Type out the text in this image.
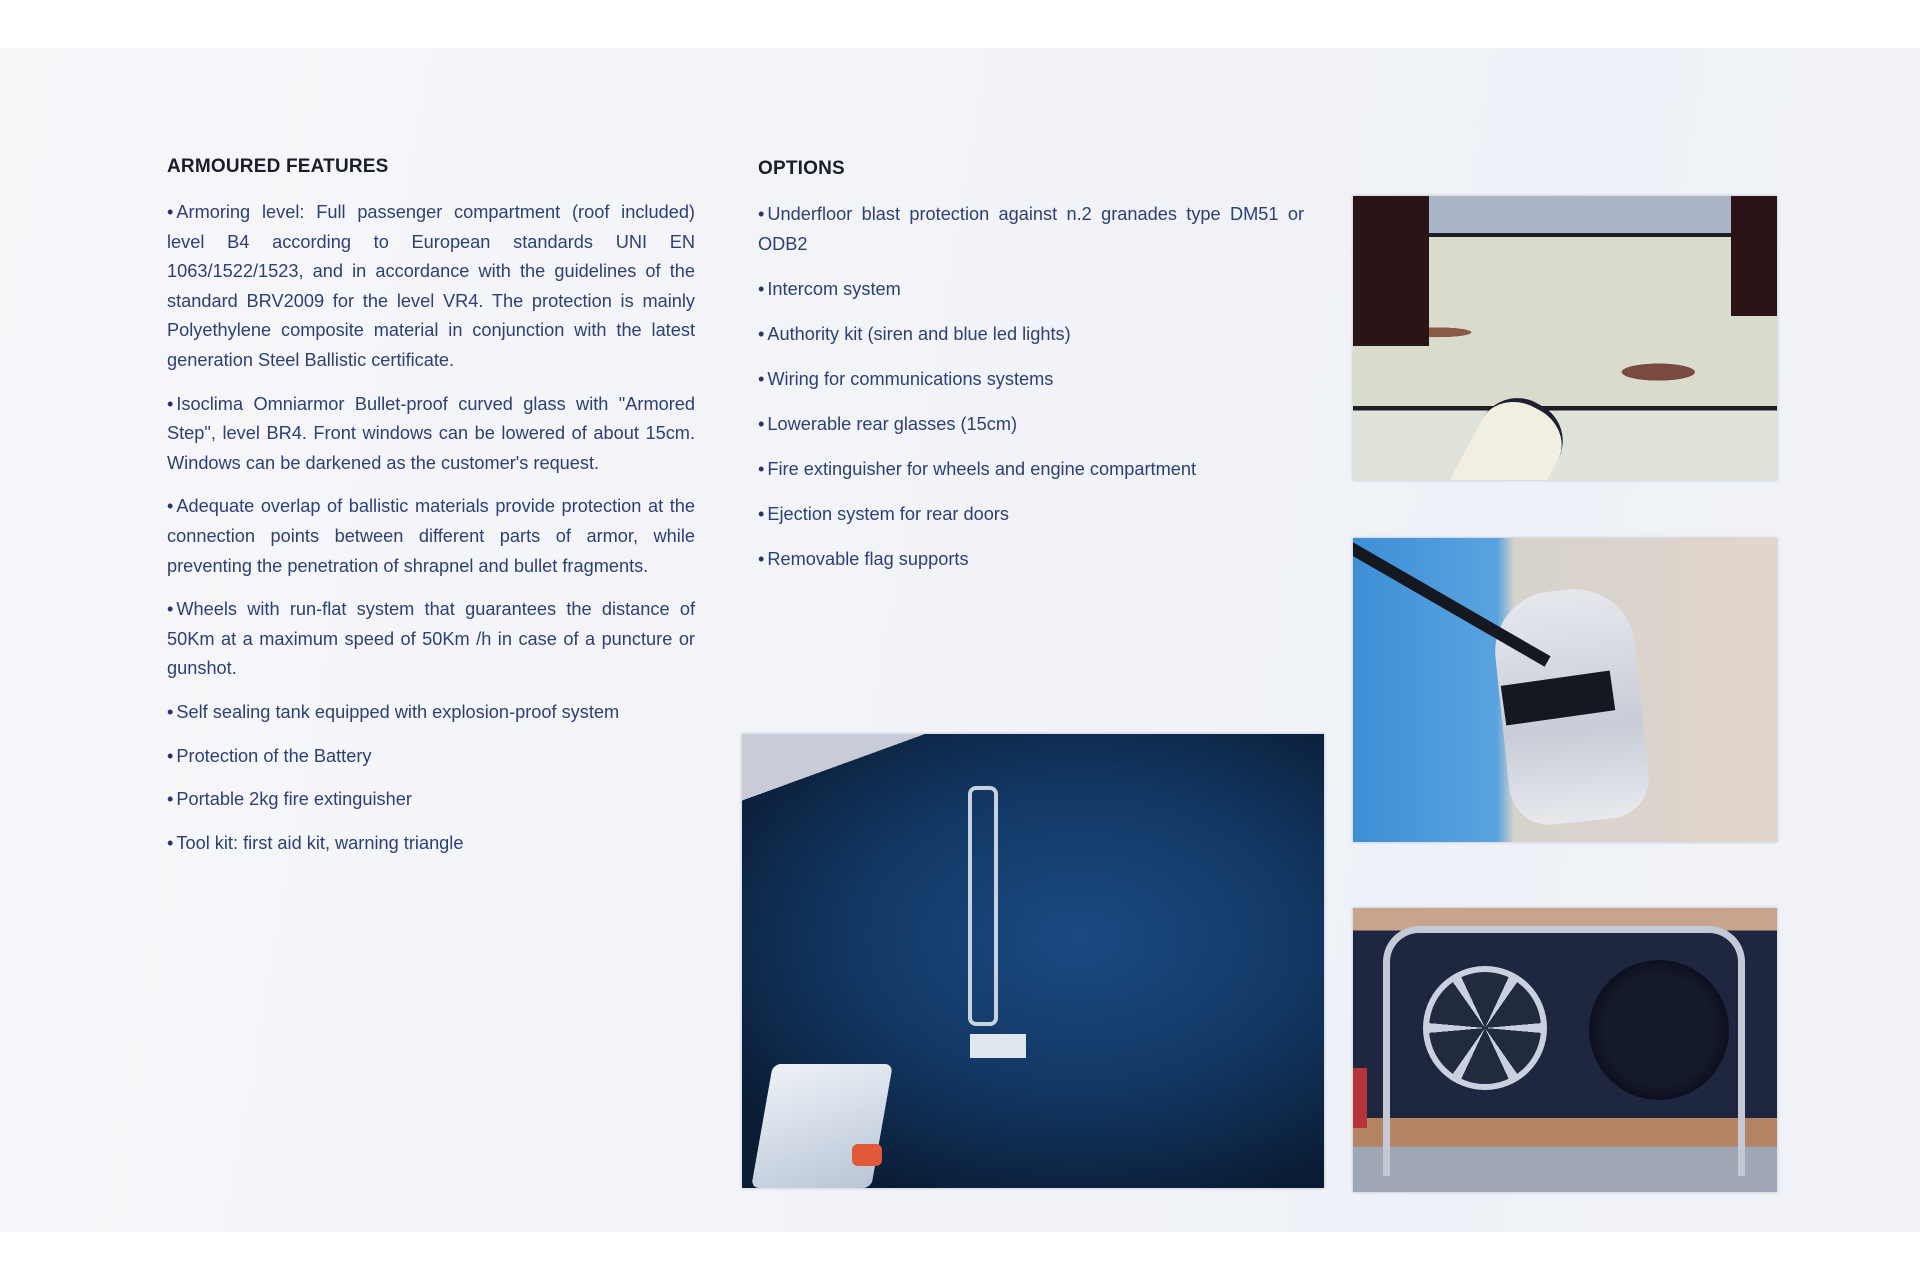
ARMOURED FEATURES
• Armoring level: Full passenger compartment (roof included) level B4 according to European standards UNI EN 1063/1522/1523, and in accordance with the guidelines of the standard BRV2009 for the level VR4. The protection is mainly Polyethylene composite material in conjunction with the latest generation Steel Ballistic certificate.
• Isoclima Omniarmor Bullet-proof curved glass with "Armored Step", level BR4. Front windows can be lowered of about 15cm. Windows can be darkened as the customer's request.
• Adequate overlap of ballistic materials provide protection at the connection points between different parts of armor, while preventing the penetration of shrapnel and bullet fragments.
• Wheels with run-flat system that guarantees the distance of 50Km at a maximum speed of 50Km /h in case of a puncture or gunshot.
• Self sealing tank equipped with explosion-proof system
• Protection of the Battery
• Portable 2kg fire extinguisher
• Tool kit: first aid kit, warning triangle
OPTIONS
• Underfloor blast protection against n.2 granades type DM51 or ODB2
• Intercom system
• Authority kit (siren and blue led lights)
• Wiring for communications systems
• Lowerable rear glasses (15cm)
• Fire extinguisher for wheels and engine compartment
• Ejection system for rear doors
• Removable flag supports
